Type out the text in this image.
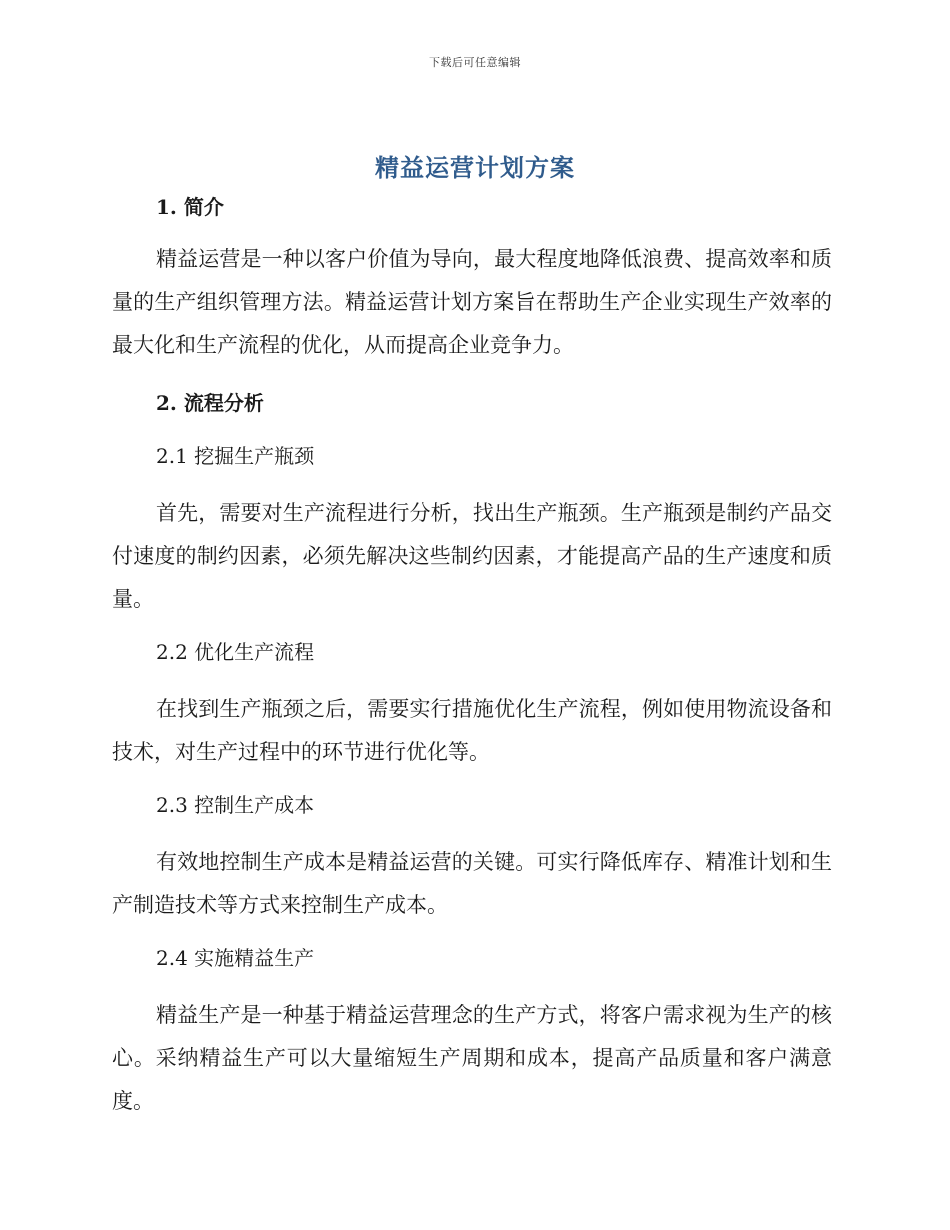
下载后可任意编辑
精益运营计划方案
1. 简介

精益运营是一种以客户价值为导向，最大程度地降低浪费、提高效率和质量的生产组织管理方法。精益运营计划方案旨在帮助生产企业实现生产效率的最大化和生产流程的优化，从而提高企业竞争力。

2. 流程分析
2.1 挖掘生产瓶颈

首先，需要对生产流程进行分析，找出生产瓶颈。生产瓶颈是制约产品交付速度的制约因素，必须先解决这些制约因素，才能提高产品的生产速度和质量。

2.2 优化生产流程

在找到生产瓶颈之后，需要实行措施优化生产流程，例如使用物流设备和技术，对生产过程中的环节进行优化等。

2.3 控制生产成本

有效地控制生产成本是精益运营的关键。可实行降低库存、精准计划和生产制造技术等方式来控制生产成本。

2.4 实施精益生产

精益生产是一种基于精益运营理念的生产方式，将客户需求视为生产的核心。采纳精益生产可以大量缩短生产周期和成本，提高产品质量和客户满意度。
